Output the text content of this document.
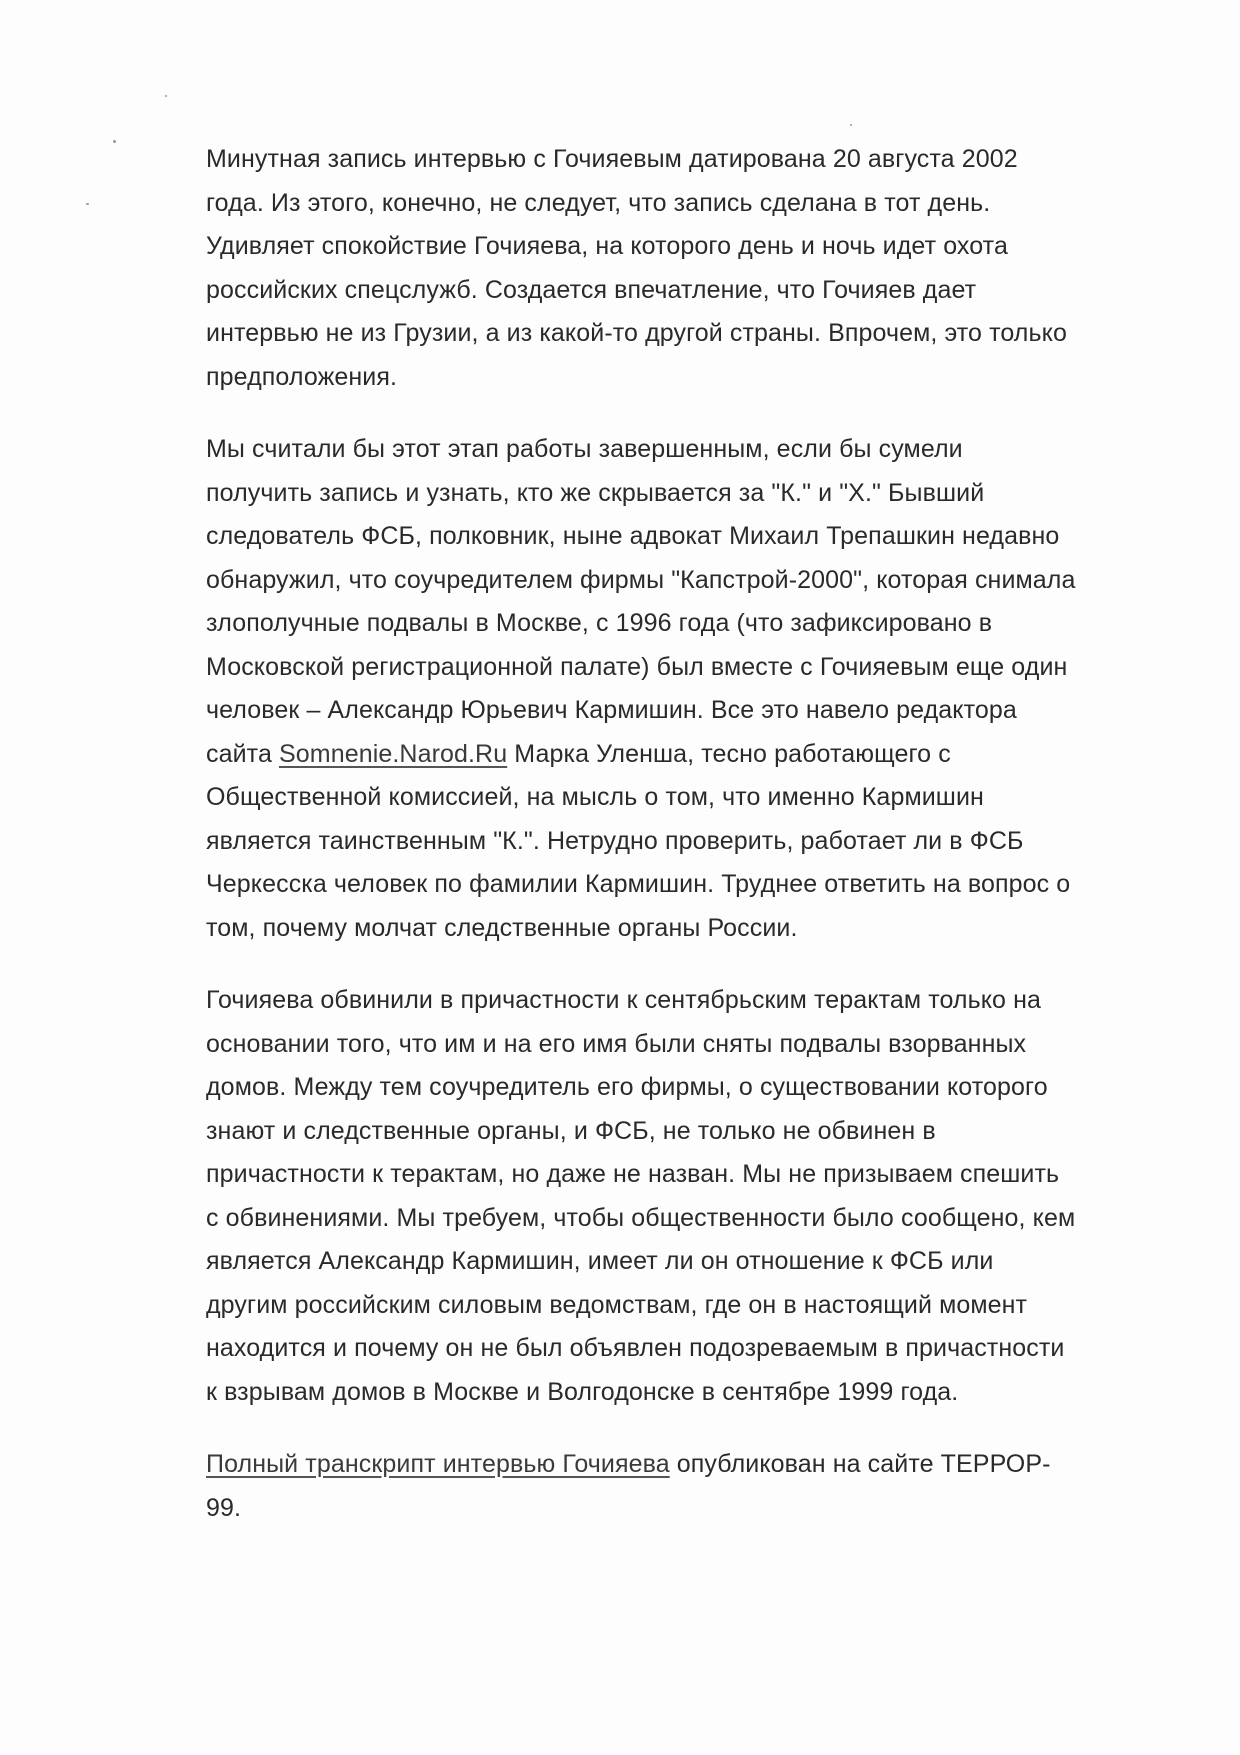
Минутная запись интервью с Гочияевым датирована 20 августа 2002
года. Из этого, конечно, не следует, что запись сделана в тот день.
Удивляет спокойствие Гочияева, на которого день и ночь идет охота
российских спецслужб. Создается впечатление, что Гочияев дает
интервью не из Грузии, а из какой-то другой страны. Впрочем, это только
предположения.
Мы считали бы этот этап работы завершенным, если бы сумели
получить запись и узнать, кто же скрывается за "К." и "Х." Бывший
следователь ФСБ, полковник, ныне адвокат Михаил Трепашкин недавно
обнаружил, что соучредителем фирмы "Капстрой-2000", которая снимала
злополучные подвалы в Москве, с 1996 года (что зафиксировано в
Московской регистрационной палате) был вместе с Гочияевым еще один
человек – Александр Юрьевич Кармишин. Все это навело редактора
сайта Somnenie.Narod.Ru Марка Уленша, тесно работающего с
Общественной комиссией, на мысль о том, что именно Кармишин
является таинственным "К.". Нетрудно проверить, работает ли в ФСБ
Черкесска человек по фамилии Кармишин. Труднее ответить на вопрос о
том, почему молчат следственные органы России.
Гочияева обвинили в причастности к сентябрьским терактам только на
основании того, что им и на его имя были сняты подвалы взорванных
домов. Между тем соучредитель его фирмы, о существовании которого
знают и следственные органы, и ФСБ, не только не обвинен в
причастности к терактам, но даже не назван. Мы не призываем спешить
с обвинениями. Мы требуем, чтобы общественности было сообщено, кем
является Александр Кармишин, имеет ли он отношение к ФСБ или
другим российским силовым ведомствам, где он в настоящий момент
находится и почему он не был объявлен подозреваемым в причастности
к взрывам домов в Москве и Волгодонске в сентябре 1999 года.
Полный транскрипт интервью Гочияева опубликован на сайте ТЕРРОР-
99.
